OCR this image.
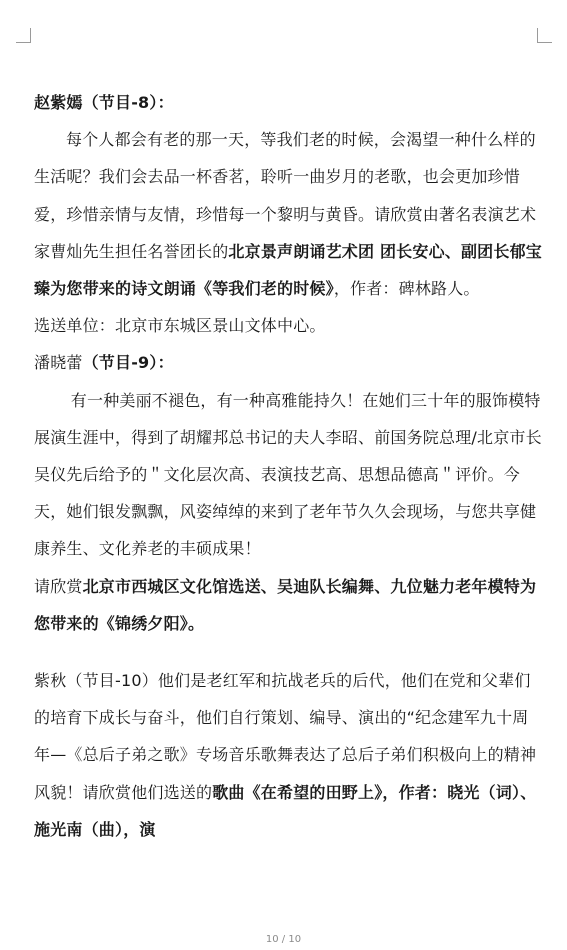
赵紫嫣（节目-8）：

每个人都会有老的那一天，等我们老的时候，会渴望一种什么样的生活呢？我们会去品一杯香茗，聆听一曲岁月的老歌，也会更加珍惜爱，珍惜亲情与友情，珍惜每一个黎明与黄昏。请欣赏由著名表演艺术家曹灿先生担任名誉团长的北京景声朗诵艺术团 团长安心、副团长郁宝臻为您带来的诗文朗诵《等我们老的时候》，作者：碑林路人。

选送单位：北京市东城区景山文体中心。

潘晓蕾（节目-9）：

有一种美丽不褪色，有一种高雅能持久！在她们三十年的服饰模特展演生涯中，得到了胡耀邦总书记的夫人李昭、前国务院总理/北京市长吴仪先后给予的＂文化层次高、表演技艺高、思想品德高＂评价。今天，她们银发飘飘，风姿绰绰的来到了老年节久久会现场，与您共享健康养生、文化养老的丰硕成果！

请欣赏北京市西城区文化馆选送、吴迪队长编舞、九位魅力老年模特为您带来的《锦绣夕阳》。

紫秋（节目-10）他们是老红军和抗战老兵的后代，他们在党和父辈们的培育下成长与奋斗，他们自行策划、编导、演出的“纪念建军九十周年—《总后子弟之歌》专场音乐歌舞表达了总后子弟们积极向上的精神风貌！请欣赏他们选送的歌曲《在希望的田野上》，作者：晓光（词）、施光南（曲），演

10 / 10
